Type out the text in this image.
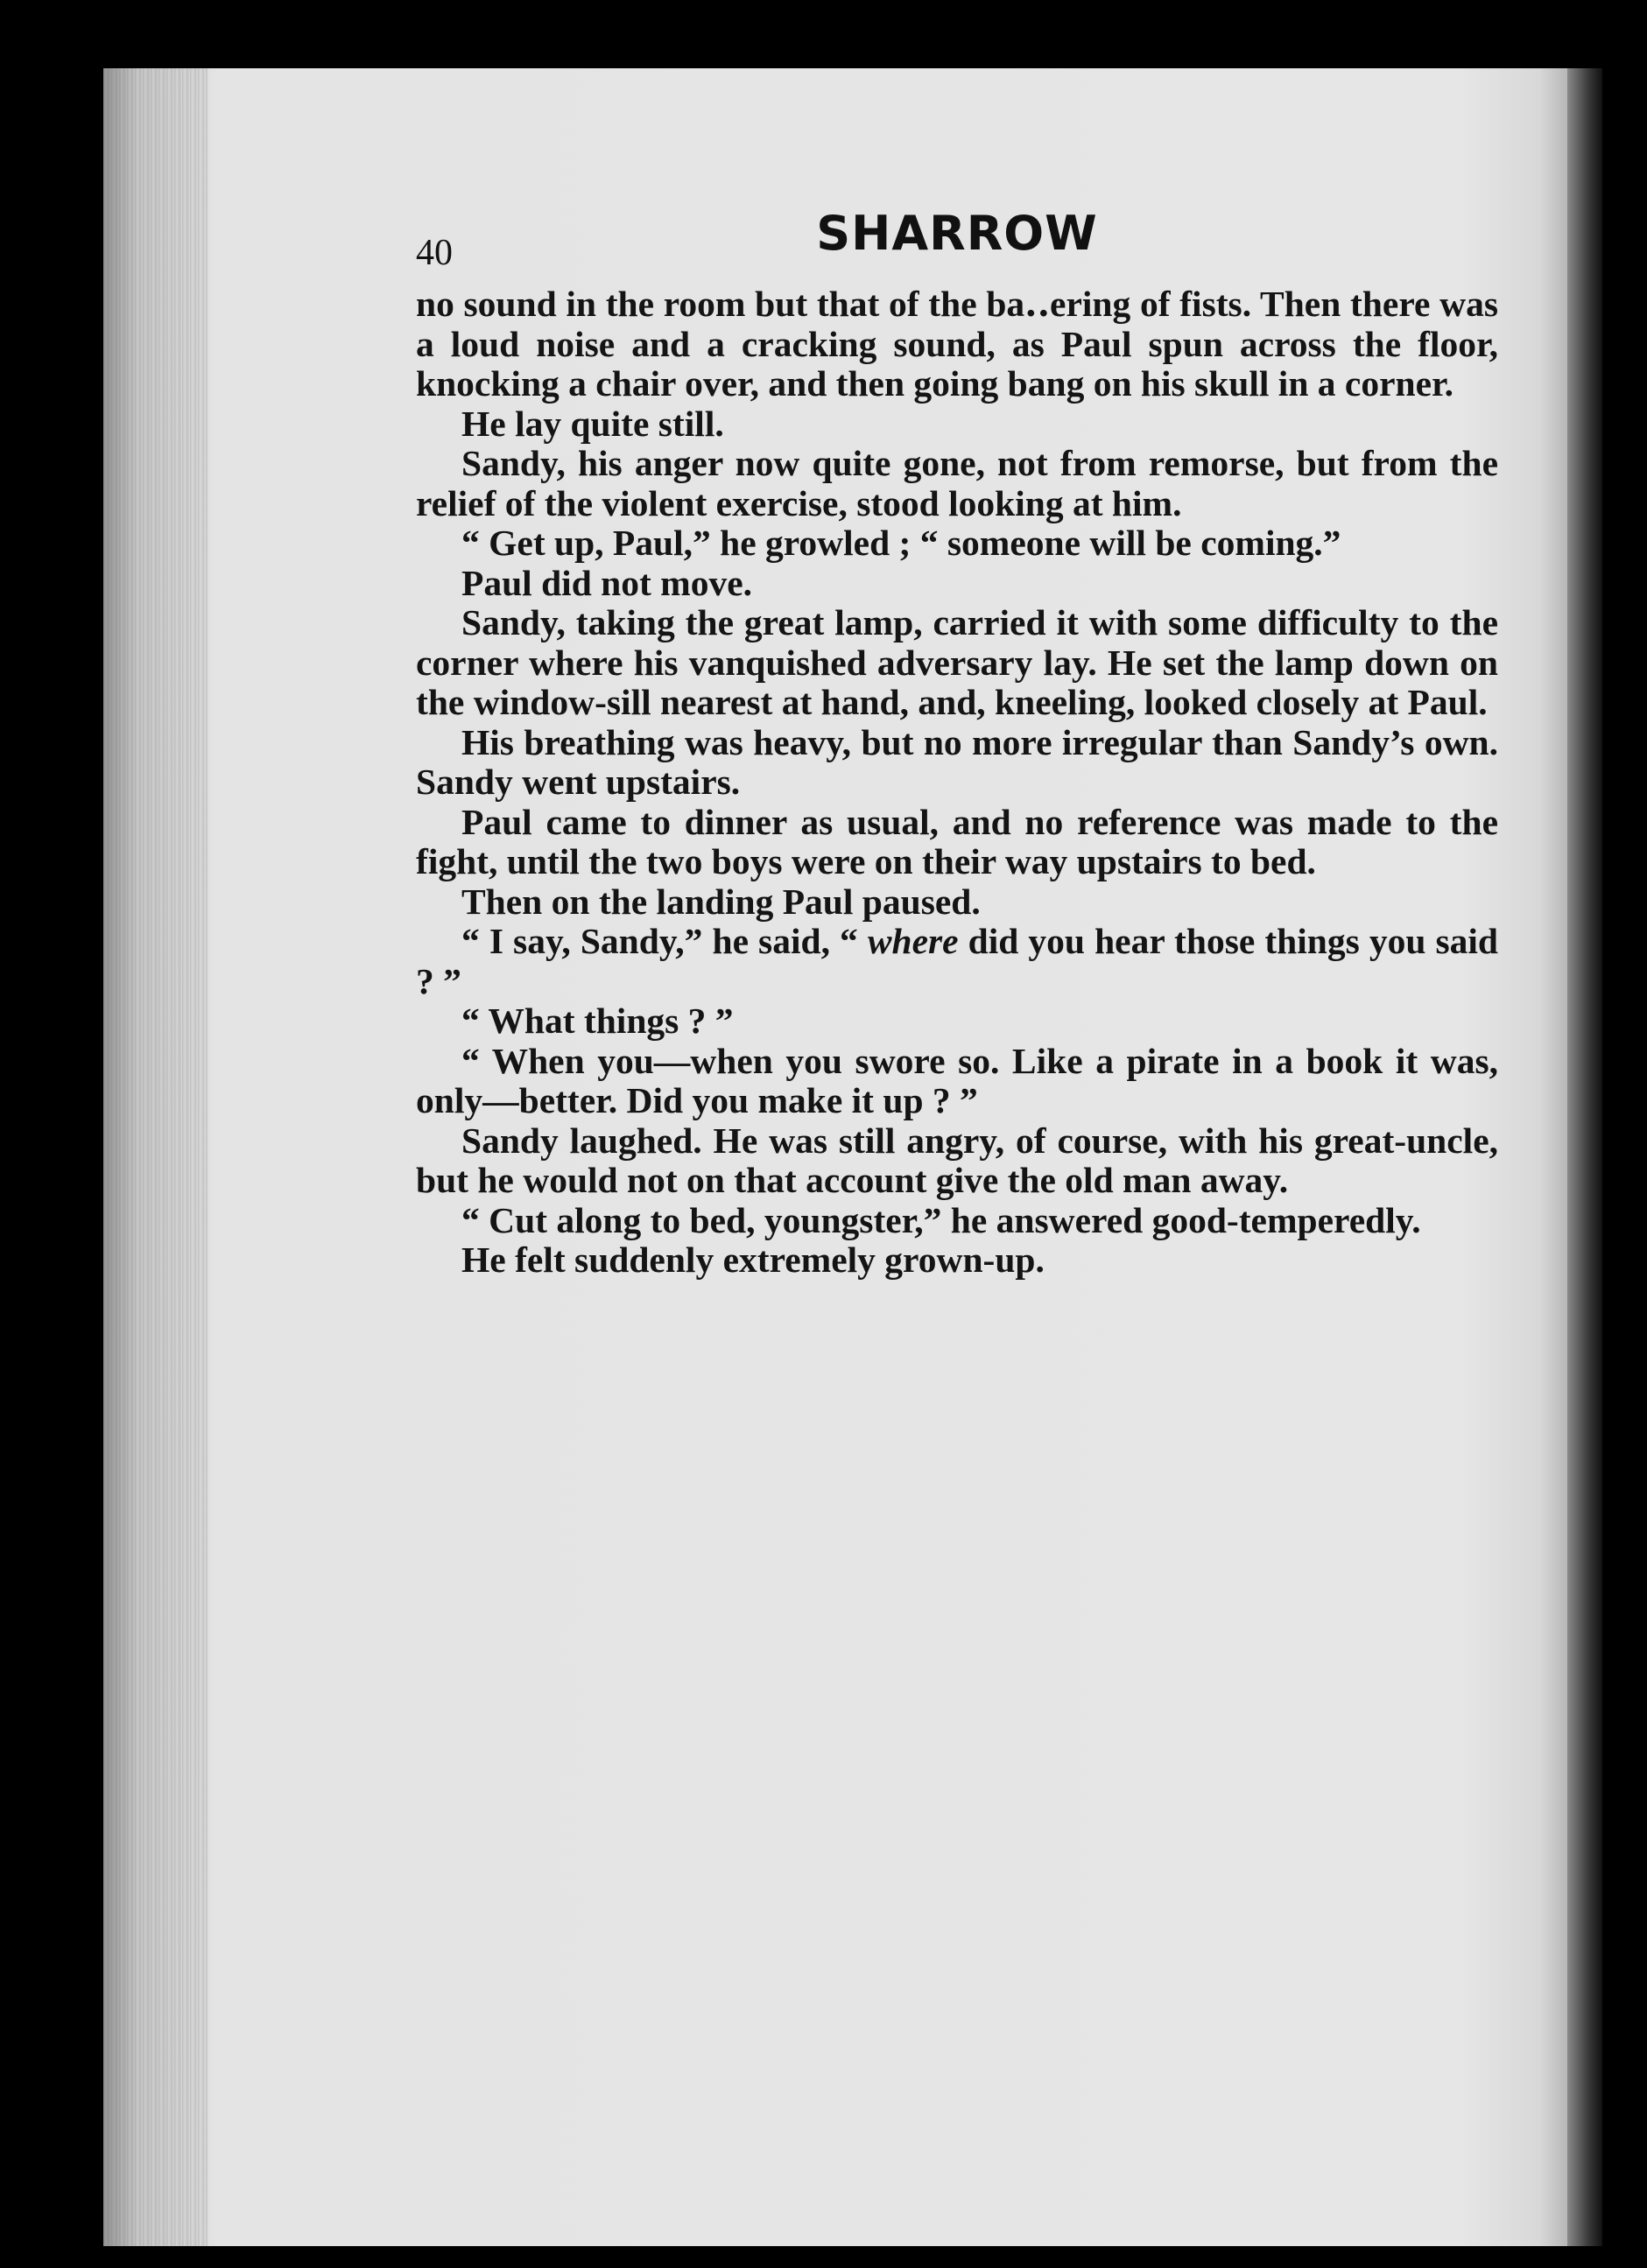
40	SHARROW

no sound in the room but that of the ba․․ering of fists. Then there was a loud noise and a cracking sound, as Paul spun across the floor, knocking a chair over, and then going bang on his skull in a corner.

He lay quite still.

Sandy, his anger now quite gone, not from remorse, but from the relief of the violent exercise, stood looking at him.

“ Get up, Paul,” he growled ; “ someone will be coming.”

Paul did not move.

Sandy, taking the great lamp, carried it with some difficulty to the corner where his vanquished adversary lay. He set the lamp down on the window-sill nearest at hand, and, kneeling, looked closely at Paul.

His breathing was heavy, but no more irregular than Sandy’s own. Sandy went upstairs.

Paul came to dinner as usual, and no reference was made to the fight, until the two boys were on their way upstairs to bed.

Then on the landing Paul paused.

“ I say, Sandy,” he said, “ where did you hear those things you said ? ”

“ What things ? ”

“ When you—when you swore so. Like a pirate in a book it was, only—better. Did you make it up ? ”

Sandy laughed. He was still angry, of course, with his great-uncle, but he would not on that account give the old man away.

“ Cut along to bed, youngster,” he answered good-temperedly.

He felt suddenly extremely grown-up.
